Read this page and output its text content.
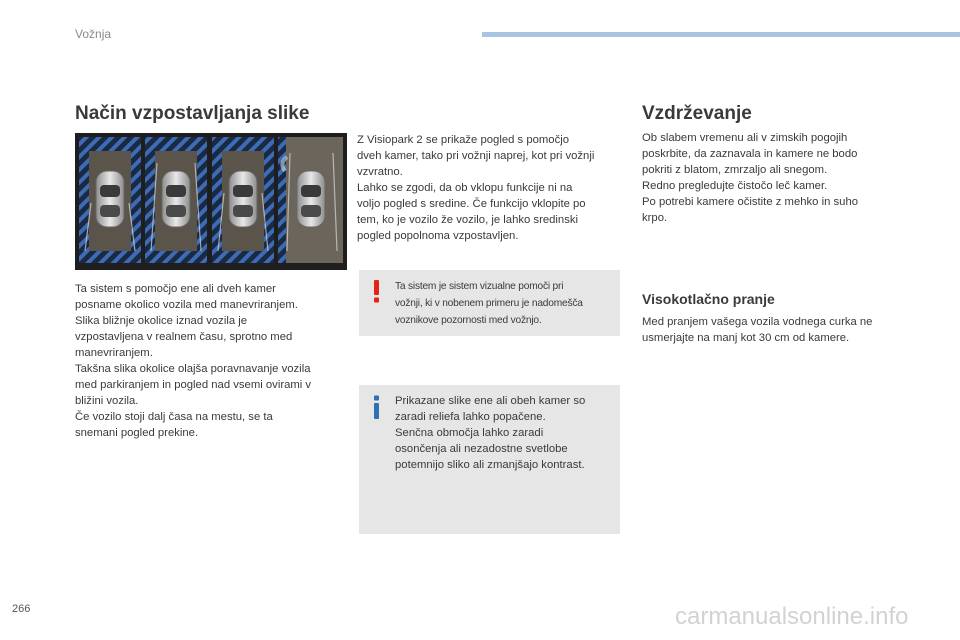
Vožnja
Način vzpostavljanja slike
Ta sistem s pomočjo ene ali dveh kamer
posname okolico vozila med manevriranjem.
Slika bližnje okolice iznad vozila je
vzpostavljena v realnem času, sprotno med
manevriranjem.
Takšna slika okolice olajša poravnavanje vozila
med parkiranjem in pogled nad vsemi ovirami v
bližini vozila.
Če vozilo stoji dalj časa na mestu, se ta
snemani pogled prekine.
Z Visiopark 2 se prikaže pogled s pomočjo
dveh kamer, tako pri vožnji naprej, kot pri vožnji
vzvratno.
Lahko se zgodi, da ob vklopu funkcije ni na
voljo pogled s sredine. Če funkcijo vklopite po
tem, ko je vozilo že vozilo, je lahko sredinski
pogled popolnoma vzpostavljen.
Ta sistem je sistem vizualne pomoči pri
vožnji, ki v nobenem primeru je nadomešča
voznikove pozornosti med vožnjo.
Prikazane slike ene ali obeh kamer so
zaradi reliefa lahko popačene.
Senčna območja lahko zaradi
osončenja ali nezadostne svetlobe
potemnijo sliko ali zmanjšajo kontrast.
Vzdrževanje
Ob slabem vremenu ali v zimskih pogojih
poskrbite, da zaznavala in kamere ne bodo
pokriti z blatom, zmrzaljo ali snegom.
Redno pregledujte čistočo leč kamer.
Po potrebi kamere očistite z mehko in suho
krpo.
Visokotlačno pranje
Med pranjem vašega vozila vodnega curka ne
usmerjajte na manj kot 30 cm od kamere.
266	carmanualsonline.info
